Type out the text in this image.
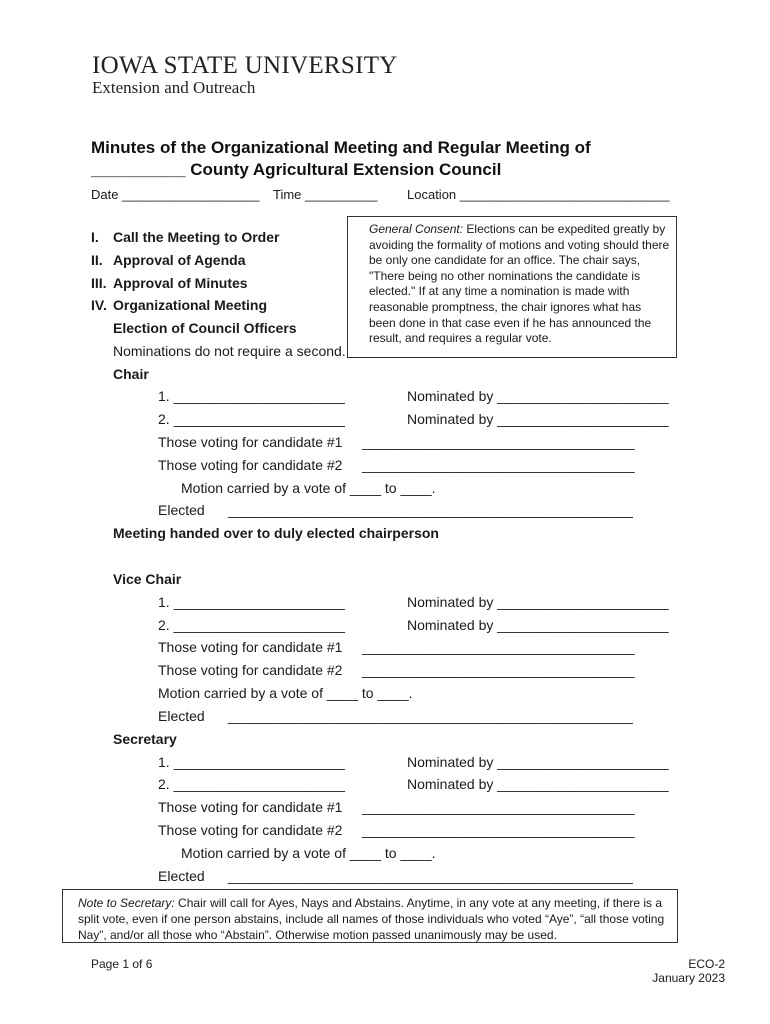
IOWA STATE UNIVERSITY
Extension and Outreach
Minutes of the Organizational Meeting and Regular Meeting of
__________ County Agricultural Extension Council
Date ___________________ Time __________ Location _____________________________
General Consent: Elections can be expedited greatly by avoiding the formality of motions and voting should there be only one candidate for an office. The chair says, "There being no other nominations the candidate is elected." If at any time a nomination is made with reasonable promptness, the chair ignores what has been done in that case even if he has announced the result, and requires a regular vote.
I. Call the Meeting to Order
II. Approval of Agenda
III. Approval of Minutes
IV. Organizational Meeting
Election of Council Officers
Nominations do not require a second.
Chair
1. ______________________	Nominated by ______________________
2. ______________________	Nominated by ______________________
Those voting for candidate #1 ___________________________________
Those voting for candidate #2 ___________________________________
Motion carried by a vote of ____ to ____.
Elected ____________________________________________________
Meeting handed over to duly elected chairperson
Vice Chair
1. ______________________	Nominated by ______________________
2. ______________________	Nominated by ______________________
Those voting for candidate #1 ___________________________________
Those voting for candidate #2 ___________________________________
Motion carried by a vote of ____ to ____.
Elected ____________________________________________________
Secretary
1. ______________________	Nominated by ______________________
2. ______________________	Nominated by ______________________
Those voting for candidate #1 ___________________________________
Those voting for candidate #2 ___________________________________
Motion carried by a vote of ____ to ____.
Elected ____________________________________________________
Note to Secretary: Chair will call for Ayes, Nays and Abstains. Anytime, in any vote at any meeting, if there is a split vote, even if one person abstains, include all names of those individuals who voted “Aye”, “all those voting Nay”, and/or all those who “Abstain”. Otherwise motion passed unanimously may be used.
Page 1 of 6	ECO-2
January 2023
